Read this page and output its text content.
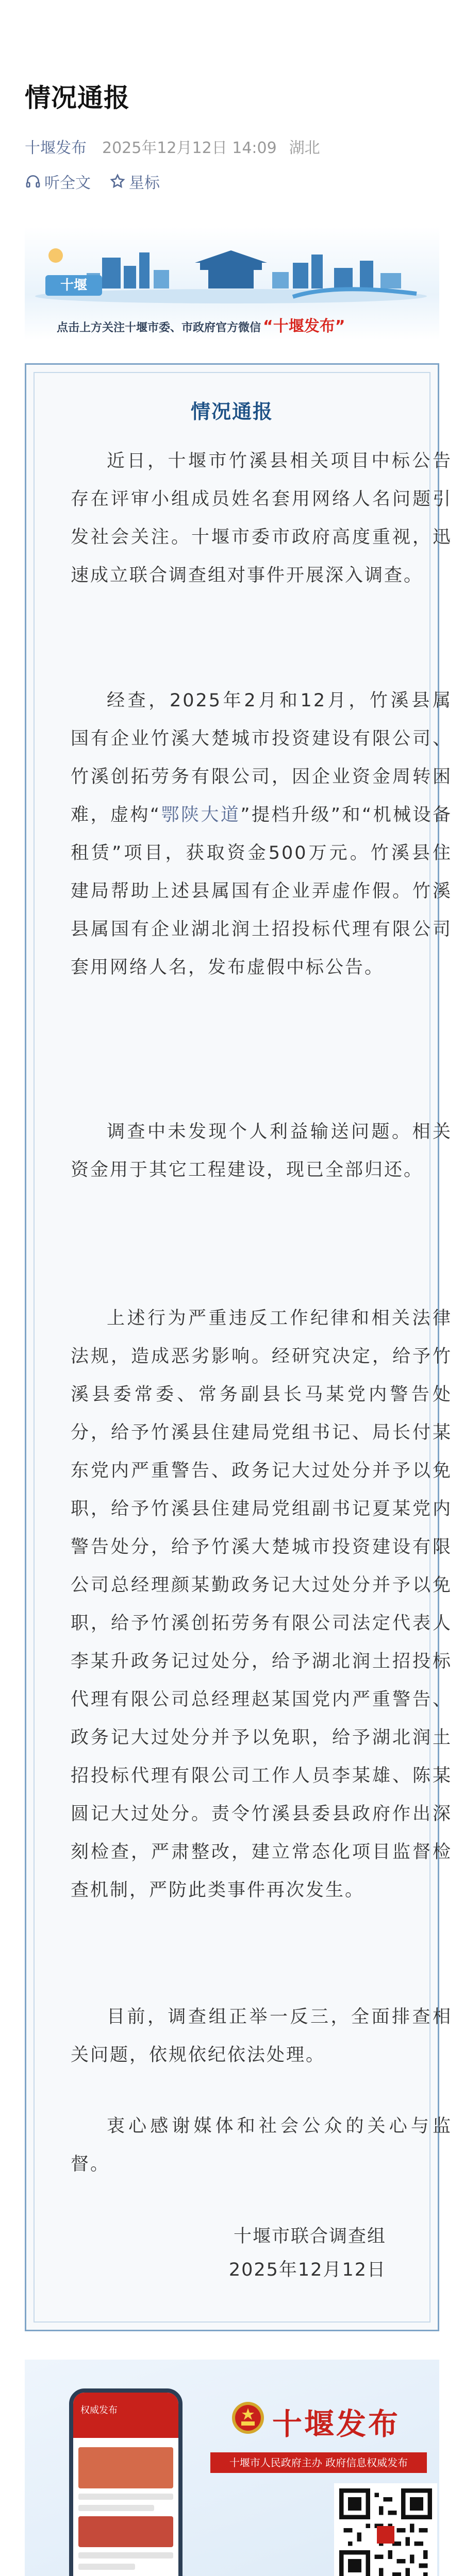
情况通报
十堰发布 2025年12月12日 14:09 湖北
听全文 星标
十堰
点击上方关注十堰市委、市政府官方微信 “十堰发布”
情况通报

近日，十堰市竹溪县相关项目中标公告存在评审小组成员姓名套用网络人名问题引发社会关注。十堰市委市政府高度重视，迅速成立联合调查组对事件开展深入调查。

经查，2025年2月和12月，竹溪县属国有企业竹溪大楚城市投资建设有限公司、竹溪创拓劳务有限公司，因企业资金周转困难，虚构“鄂陕大道”提档升级”和“机械设备租赁”项目，获取资金500万元。竹溪县住建局帮助上述县属国有企业弄虚作假。竹溪县属国有企业湖北润土招投标代理有限公司套用网络人名，发布虚假中标公告。

调查中未发现个人利益输送问题。相关资金用于其它工程建设，现已全部归还。

上述行为严重违反工作纪律和相关法律法规，造成恶劣影响。经研究决定，给予竹溪县委常委、常务副县长马某党内警告处分，给予竹溪县住建局党组书记、局长付某东党内严重警告、政务记大过处分并予以免职，给予竹溪县住建局党组副书记夏某党内警告处分，给予竹溪大楚城市投资建设有限公司总经理颜某勤政务记大过处分并予以免职，给予竹溪创拓劳务有限公司法定代表人李某升政务记过处分，给予湖北润土招投标代理有限公司总经理赵某国党内严重警告、政务记大过处分并予以免职，给予湖北润土招投标代理有限公司工作人员李某雄、陈某圆记大过处分。责令竹溪县委县政府作出深刻检查，严肃整改，建立常态化项目监督检查机制，严防此类事件再次发生。

目前，调查组正举一反三，全面排查相关问题，依规依纪依法处理。

衷心感谢媒体和社会公众的关心与监督。

十堰市联合调查组
2025年12月12日
权威发布	十堰发布
十堰市人民政府主办 政府信息权威发布
